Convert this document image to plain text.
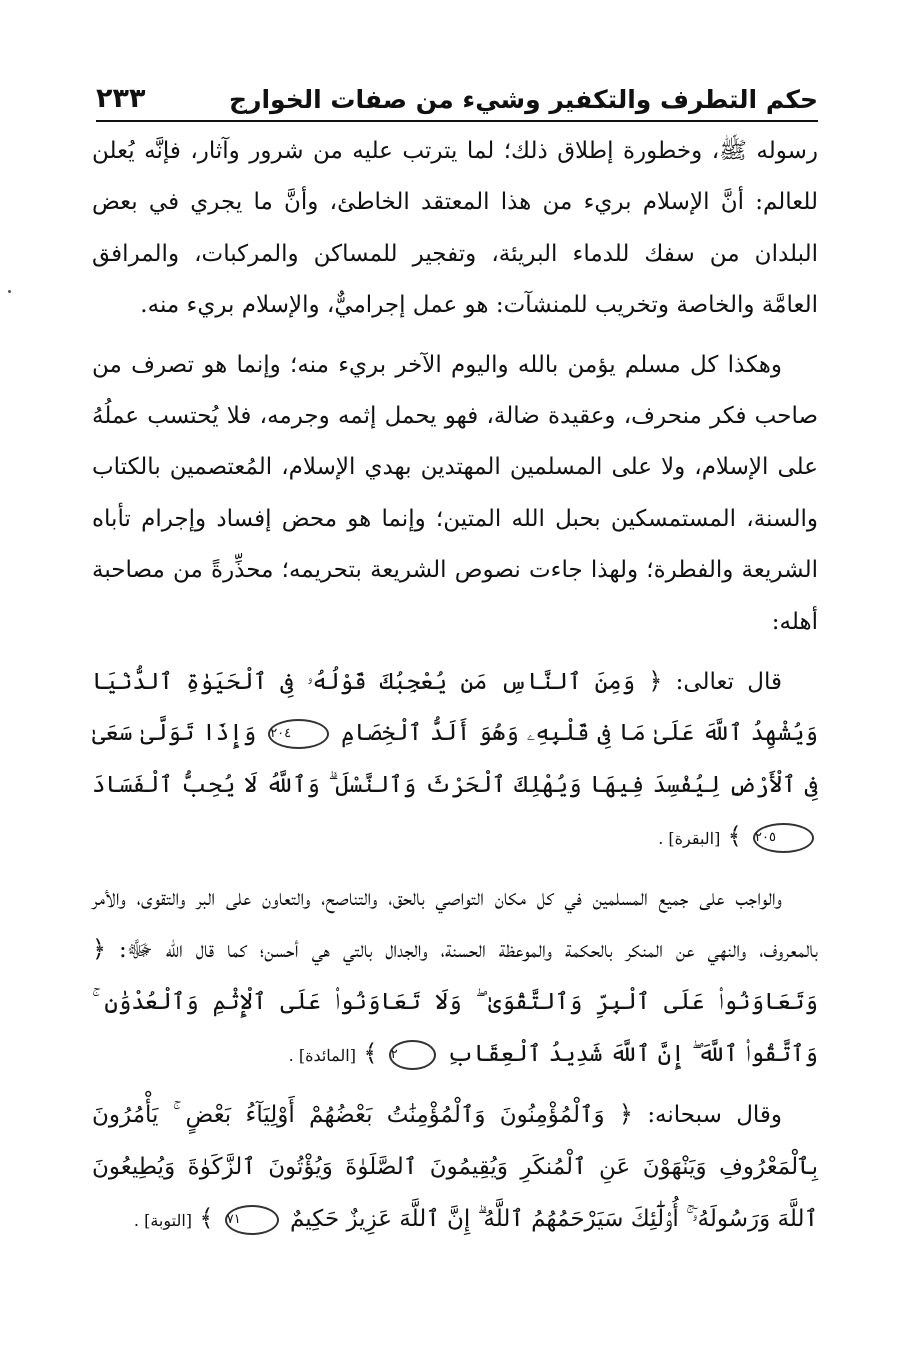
حكم التطرف والتكفير وشيء من صفات الخوارج
٢٣٣

رسوله ﷺ، وخطورة إطلاق ذلك؛ لما يترتب عليه من شرور وآثار، فإنَّه يُعلن للعالم: أنَّ الإسلام بريء من هذا المعتقد الخاطئ، وأنَّ ما يجري في بعض البلدان من سفك للدماء البريئة، وتفجير للمساكن والمركبات، والمرافق العامَّة والخاصة وتخريب للمنشآت: هو عمل إجراميٌّ، والإسلام بريء منه.

وهكذا كل مسلم يؤمن بالله واليوم الآخر بريء منه؛ وإنما هو تصرف من صاحب فكر منحرف، وعقيدة ضالة، فهو يحمل إثمه وجرمه، فلا يُحتسب عملُهُ على الإسلام، ولا على المسلمين المهتدين بهدي الإسلام، المُعتصمين بالكتاب والسنة، المستمسكين بحبل الله المتين؛ وإنما هو محض إفساد وإجرام تأباه الشريعة والفطرة؛ ولهذا جاءت نصوص الشريعة بتحريمه؛ محذِّرةً من مصاحبة أهله:

قال تعالى: ﴿ وَمِنَ ٱلنَّاسِ مَن يُعْجِبُكَ قَوْلُهُۥ فِى ٱلْحَيَوٰةِ ٱلدُّنْيَا وَيُشْهِدُ ٱللَّهَ عَلَىٰ مَا فِى قَلْبِهِۦ وَهُوَ أَلَدُّ ٱلْخِصَامِ ٢٠٤ وَإِذَا تَوَلَّىٰ سَعَىٰ فِى ٱلْأَرْضِ لِيُفْسِدَ فِيهَا وَيُهْلِكَ ٱلْحَرْثَ وَٱلنَّسْلَ ۗ وَٱللَّهُ لَا يُحِبُّ ٱلْفَسَادَ ٢٠٥ ﴾ [البقرة] .

والواجب على جميع المسلمين في كل مكان التواصي بالحق، والتناصح، والتعاون على البر والتقوى، والأمر بالمعروف، والنهي عن المنكر بالحكمة والموعظة الحسنة، والجدال بالتي هي أحسن؛ كما قال الله ﷻ: ﴿ وَتَعَاوَنُوا۟ عَلَى ٱلْبِرِّ وَٱلتَّقْوَىٰ ۖ وَلَا تَعَاوَنُوا۟ عَلَى ٱلْإِثْمِ وَٱلْعُدْوَٰنِ ۚ وَٱتَّقُوا۟ ٱللَّهَ ۖ إِنَّ ٱللَّهَ شَدِيدُ ٱلْعِقَابِ ٢ ﴾ [المائدة] .

وقال سبحانه: ﴿ وَٱلْمُؤْمِنُونَ وَٱلْمُؤْمِنَٰتُ بَعْضُهُمْ أَوْلِيَآءُ بَعْضٍ ۚ يَأْمُرُونَ بِٱلْمَعْرُوفِ وَيَنْهَوْنَ عَنِ ٱلْمُنكَرِ وَيُقِيمُونَ ٱلصَّلَوٰةَ وَيُؤْتُونَ ٱلزَّكَوٰةَ وَيُطِيعُونَ ٱللَّهَ وَرَسُولَهُۥٓ ۚ أُو۟لَٰٓئِكَ سَيَرْحَمُهُمُ ٱللَّهُ ۗ إِنَّ ٱللَّهَ عَزِيزٌ حَكِيمٌ ٧١ ﴾ [التوبة] .
